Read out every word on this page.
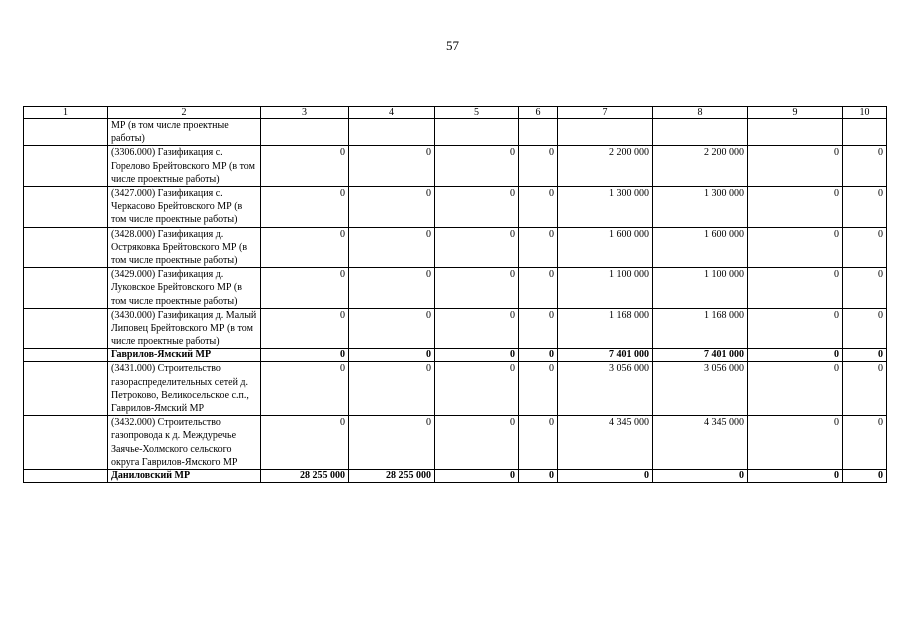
57
1	2	3	4	5	6	7	8	9	10
	МР (в том числе проектные работы)								
	(3306.000) Газификация с. Горелово Брейтовского МР (в том числе проектные работы)	0	0	0	0	2 200 000	2 200 000	0	0
	(3427.000) Газификация с. Черкасово Брейтовского МР (в том числе проектные работы)	0	0	0	0	1 300 000	1 300 000	0	0
	(3428.000) Газификация д. Остряковка Брейтовского МР (в том числе проектные работы)	0	0	0	0	1 600 000	1 600 000	0	0
	(3429.000) Газификация д. Луковское Брейтовского МР (в том числе проектные работы)	0	0	0	0	1 100 000	1 100 000	0	0
	(3430.000) Газификация д. Малый Липовец Брейтовского МР (в том числе проектные работы)	0	0	0	0	1 168 000	1 168 000	0	0
	Гаврилов-Ямский МР	0	0	0	0	7 401 000	7 401 000	0	0
	(3431.000) Строительство газораспределительных сетей д. Петроково, Великосельское с.п., Гаврилов-Ямский МР	0	0	0	0	3 056 000	3 056 000	0	0
	(3432.000) Строительство газопровода к д. Междуречье Заячье-Холмского сельского округа Гаврилов-Ямского МР	0	0	0	0	4 345 000	4 345 000	0	0
	Даниловский МР	28 255 000	28 255 000	0	0	0	0	0	0
